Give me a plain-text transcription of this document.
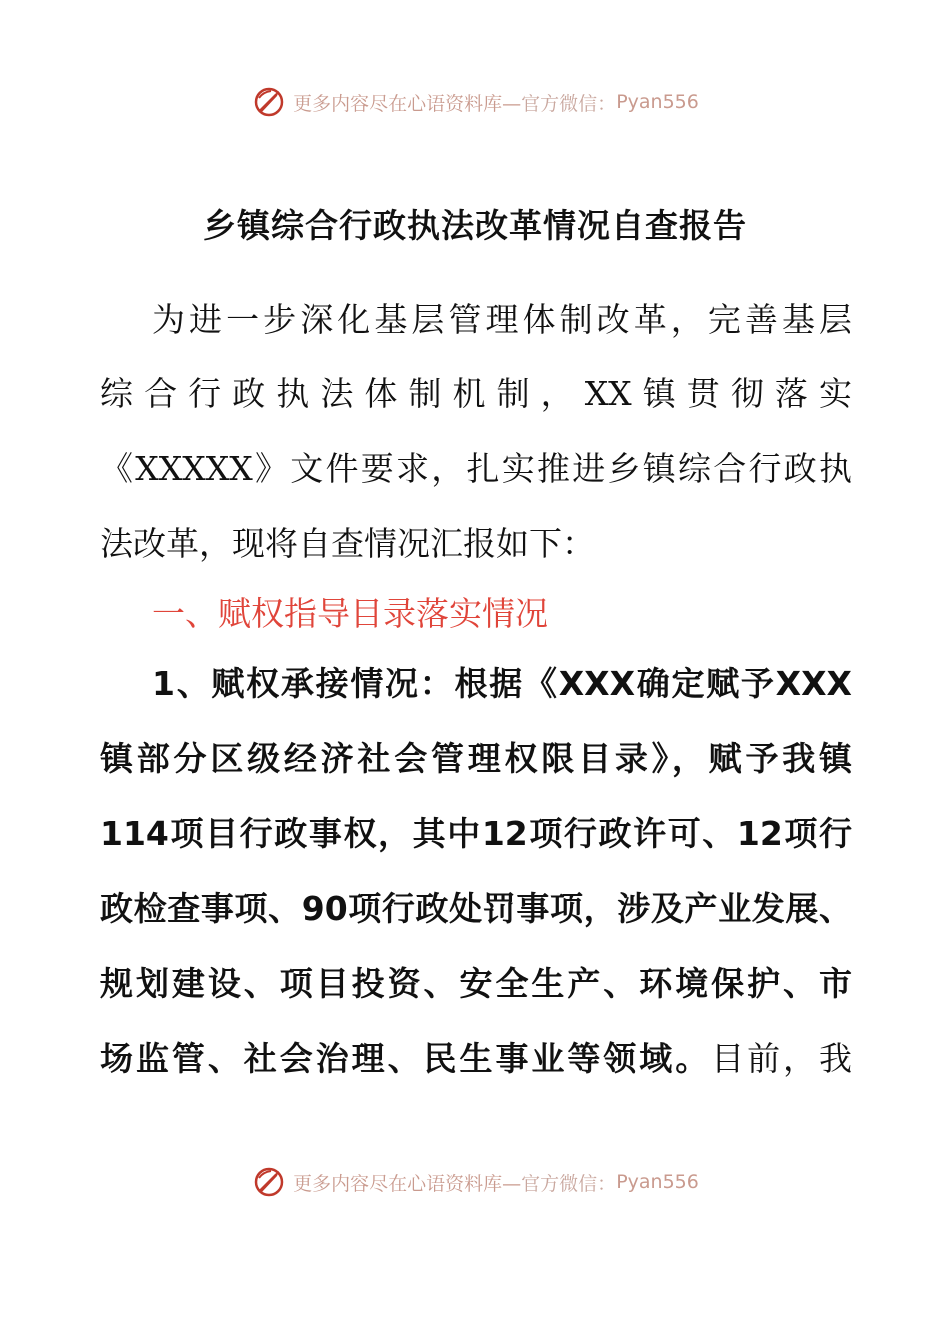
更多内容尽在心语资料库— 官方微信： Pyan556
乡镇综合行政执法改革情况自查报告
为进一步深化基层管理体制改革，完善基层
综合行政执法体制机制，XX镇贯彻落实
《XXXXX》文件要求，扎实推进乡镇综合行政执
法改革，现将自查情况汇报如下：
一、赋权指导目录落实情况
1、赋权承接情况：根据《XXX确定赋予XXX
镇部分区级经济社会管理权限目录》，赋予我镇
114项目行政事权，其中12项行政许可、12项行
政检查事项、90项行政处罚事项，涉及产业发展、
规划建设、项目投资、安全生产、环境保护、市
场监管、社会治理、民生事业等领域。目前，我
更多内容尽在心语资料库— 官方微信： Pyan556
